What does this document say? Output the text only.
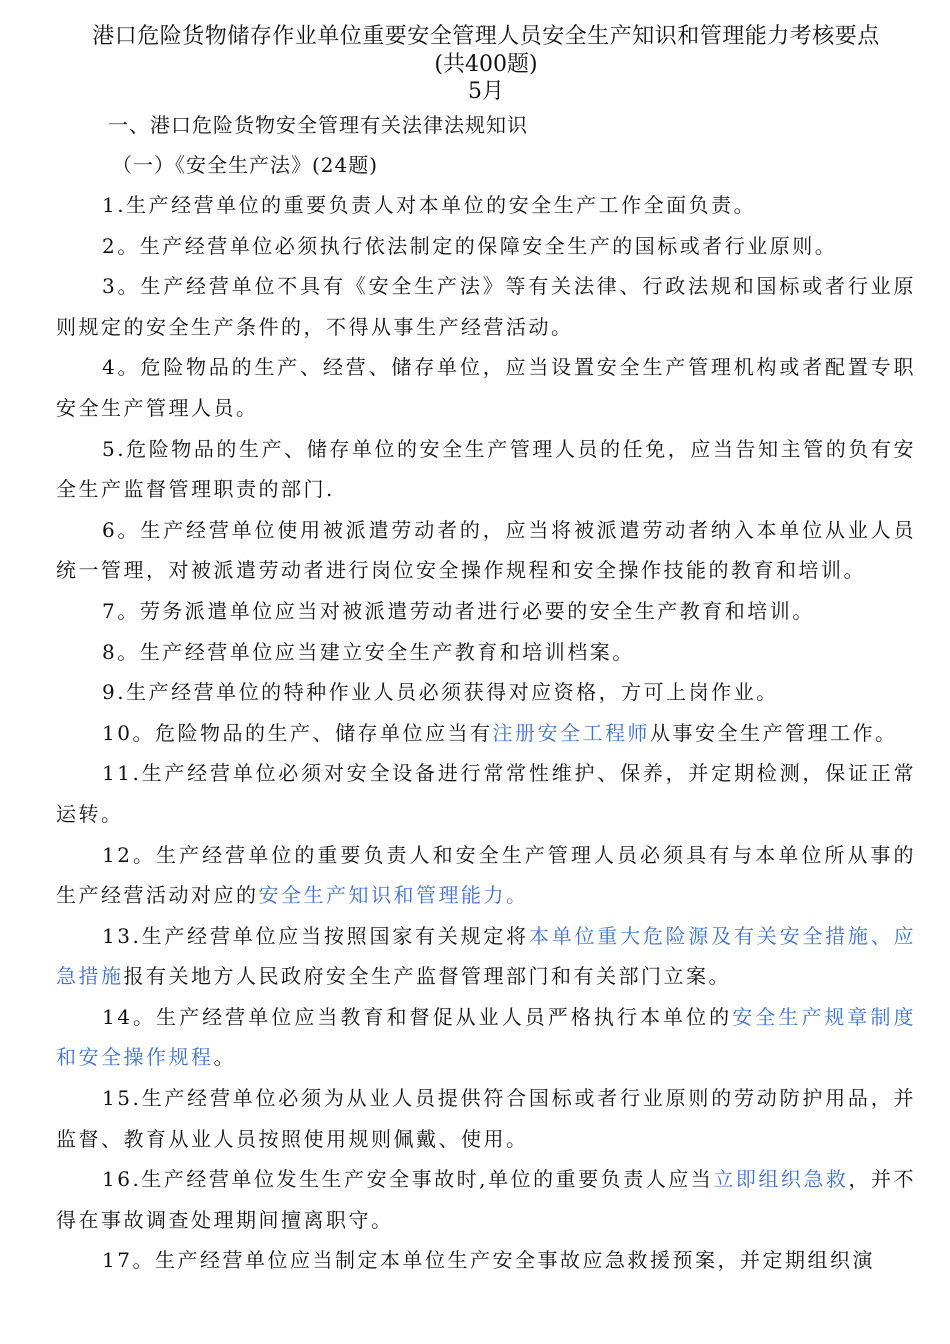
港口危险货物储存作业单位重要安全管理人员安全生产知识和管理能力考核要点

(共400题)

5月

一、港口危险货物安全管理有关法律法规知识

（一）《安全生产法》(24题)

1.生产经营单位的重要负责人对本单位的安全生产工作全面负责。

2。生产经营单位必须执行依法制定的保障安全生产的国标或者行业原则。

3。生产经营单位不具有《安全生产法》等有关法律、行政法规和国标或者行业原则规定的安全生产条件的，不得从事生产经营活动。

4。危险物品的生产、经营、储存单位，应当设置安全生产管理机构或者配置专职安全生产管理人员。

5.危险物品的生产、储存单位的安全生产管理人员的任免，应当告知主管的负有安全生产监督管理职责的部门.

6。生产经营单位使用被派遣劳动者的，应当将被派遣劳动者纳入本单位从业人员统一管理，对被派遣劳动者进行岗位安全操作规程和安全操作技能的教育和培训。

7。劳务派遣单位应当对被派遣劳动者进行必要的安全生产教育和培训。

8。生产经营单位应当建立安全生产教育和培训档案。

9.生产经营单位的特种作业人员必须获得对应资格，方可上岗作业。

10。危险物品的生产、储存单位应当有注册安全工程师从事安全生产管理工作。

11.生产经营单位必须对安全设备进行常常性维护、保养，并定期检测，保证正常运转。

12。生产经营单位的重要负责人和安全生产管理人员必须具有与本单位所从事的生产经营活动对应的安全生产知识和管理能力。

13.生产经营单位应当按照国家有关规定将本单位重大危险源及有关安全措施、应急措施报有关地方人民政府安全生产监督管理部门和有关部门立案。

14。生产经营单位应当教育和督促从业人员严格执行本单位的安全生产规章制度和安全操作规程。

15.生产经营单位必须为从业人员提供符合国标或者行业原则的劳动防护用品，并监督、教育从业人员按照使用规则佩戴、使用。

16.生产经营单位发生生产安全事故时,单位的重要负责人应当立即组织急救，并不得在事故调查处理期间擅离职守。

17。生产经营单位应当制定本单位生产安全事故应急救援预案，并定期组织演
